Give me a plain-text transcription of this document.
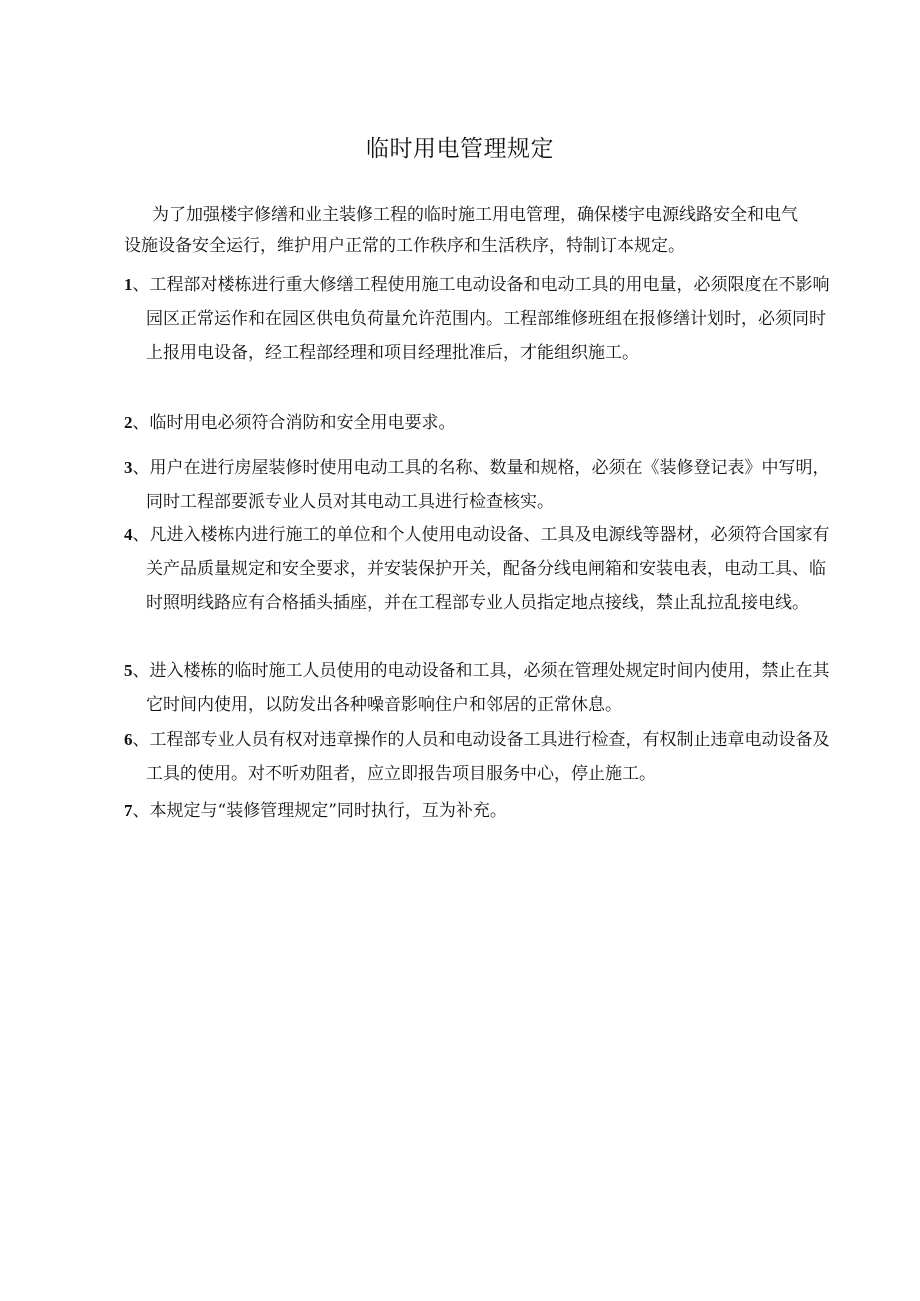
临时用电管理规定

为了加强楼宇修缮和业主装修工程的临时施工用电管理，确保楼宇电源线路安全和电气设施设备安全运行，维护用户正常的工作秩序和生活秩序，特制订本规定。

1、工程部对楼栋进行重大修缮工程使用施工电动设备和电动工具的用电量，必须限度在不影响园区正常运作和在园区供电负荷量允许范围内。工程部维修班组在报修缮计划时，必须同时上报用电设备，经工程部经理和项目经理批准后，才能组织施工。

2、临时用电必须符合消防和安全用电要求。

3、用户在进行房屋装修时使用电动工具的名称、数量和规格，必须在《装修登记表》中写明，同时工程部要派专业人员对其电动工具进行检查核实。

4、凡进入楼栋内进行施工的单位和个人使用电动设备、工具及电源线等器材，必须符合国家有关产品质量规定和安全要求，并安装保护开关，配备分线电闸箱和安装电表，电动工具、临时照明线路应有合格插头插座，并在工程部专业人员指定地点接线，禁止乱拉乱接电线。

5、进入楼栋的临时施工人员使用的电动设备和工具，必须在管理处规定时间内使用，禁止在其它时间内使用，以防发出各种噪音影响住户和邻居的正常休息。

6、工程部专业人员有权对违章操作的人员和电动设备工具进行检查，有权制止违章电动设备及工具的使用。对不听劝阻者，应立即报告项目服务中心，停止施工。

7、本规定与“装修管理规定”同时执行，互为补充。
